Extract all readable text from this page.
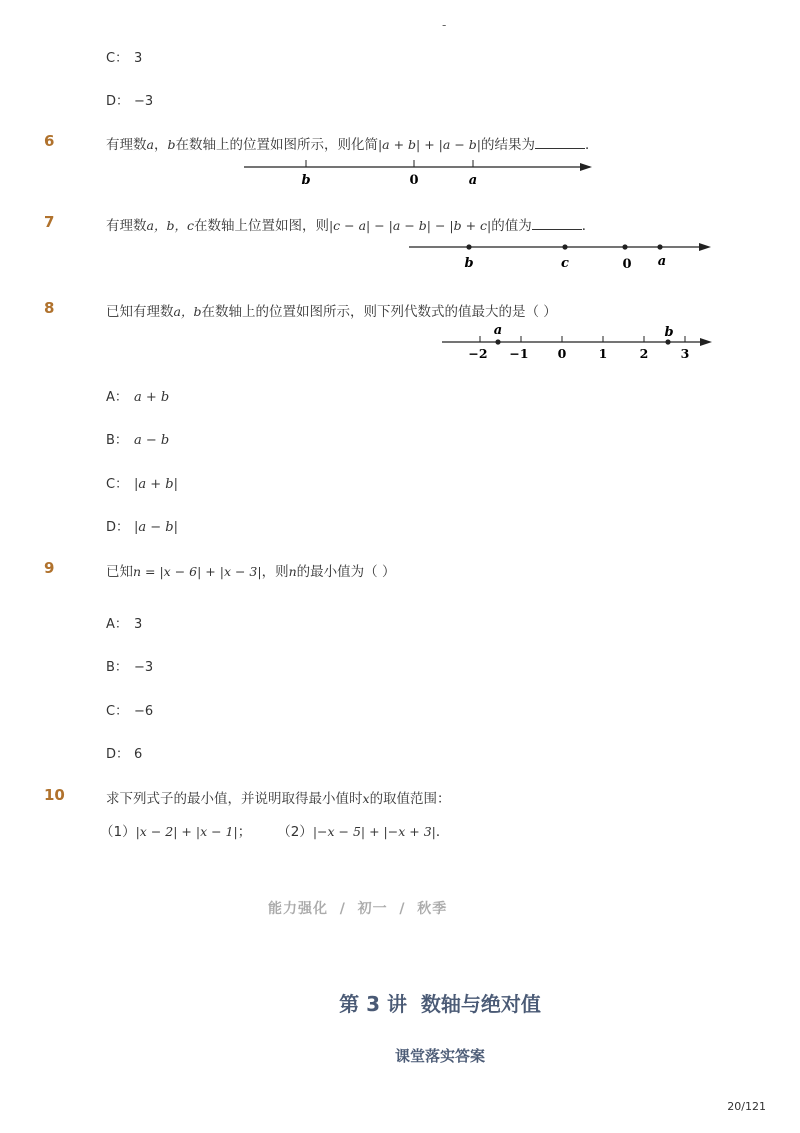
-
C： 3
D： −3
6	有理数a，b在数轴上的位置如图所示，则化简|a + b| + |a − b|的结果为	．
b	0	a
7	有理数a，b，c在数轴上位置如图，则|c − a| − |a − b| − |b + c|的值为	．
b	c	0 a
8	已知有理数a，b在数轴上的位置如图所示，则下列代数式的值最大的是（ ）
a	b
−2 −1 0	1	2	3
A： a + b
B： a − b
C： |a + b|
D： |a − b|
9	已知n = |x − 6| + |x − 3|，则n的最小值为（ ）
A： 3
B： −3
C： −6
D： 6
10	求下列式子的最小值，并说明取得最小值时x的取值范围：
（1）|x − 2| + |x − 1|； （2）|−x − 5| + |−x + 3|．
能力强化  /  初一  /  秋季
第 3 讲  数轴与绝对值
课堂落实答案
20/121
